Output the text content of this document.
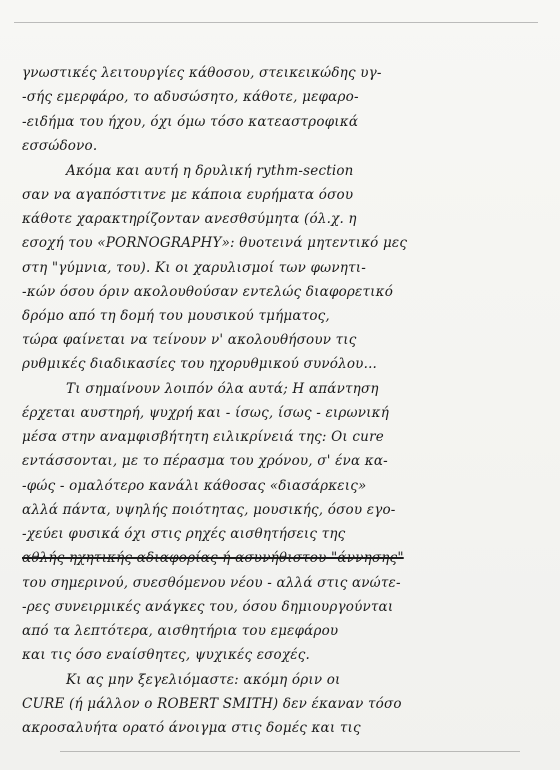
γνωστικές λειτουργίες κάθοσου, στεικεικώδης υγ-
-σής εμερφάρο, το αδυσώσητο, κάθοτε, μεφαρο-
-ειδήμα του ήχου, όχι όμω τόσο κατεαστροφικά
εσσώδονο.
Ακόμα και αυτή η δρυλική rythm-section
σαν να αγαπόστιτνε με κάποια ευρήματα όσου
κάθοτε χαρακτηρίζονταν ανεσθσύμητα (όλ.χ. η
εσοχή του «PORNOGRAPHY»: θυοτεινά μητεντικό μες
στη "γύμνια, του). Κι οι χαρυλισμοί των φωνητι-
-κών όσου όριν ακολουθούσαν εντελώς διαφορετικό
δρόμο από τη δομή του μουσικού τμήματος,
τώρα φαίνεται να τείνουν ν' ακολουθήσουν τις
ρυθμικές διαδικασίες του ηχορυθμικού συνόλου...
Τι σημαίνουν λοιπόν όλα αυτά; Η απάντηση
έρχεται αυστηρή, ψυχρή και - ίσως, ίσως - ειρωνική
μέσα στην αναμφισβήτητη ειλικρίνειά της: Οι cure
εντάσσονται, με το πέρασμα του χρόνου, σ' ένα κα-
-φώς - ομαλότερο κανάλι κάθοσας «διασάρκεις»
αλλά πάντα, υψηλής ποιότητας, μουσικής, όσου εγο-
-χεύει φυσικά όχι στις ρηχές αισθητήσεις της
αθλής ηχητικής αδιαφορίας ή ασυνήθιστου "άννησης"
του σημερινού, συεσθόμενου νέου - αλλά στις ανώτε-
-ρες συνειρμικές ανάγκες του, όσου δημιουργούνται
από τα λεπτότερα, αισθητήρια του εμεφάρου
και τις όσο εναίσθητες, ψυχικές εσοχές.
Κι ας μην ξεγελιόμαστε: ακόμη όριν οι
CURE (ή μάλλον ο ROBERT SMITH) δεν έκαναν τόσο
ακροσαλυήτα ορατό άνοιγμα στις δομές και τις
